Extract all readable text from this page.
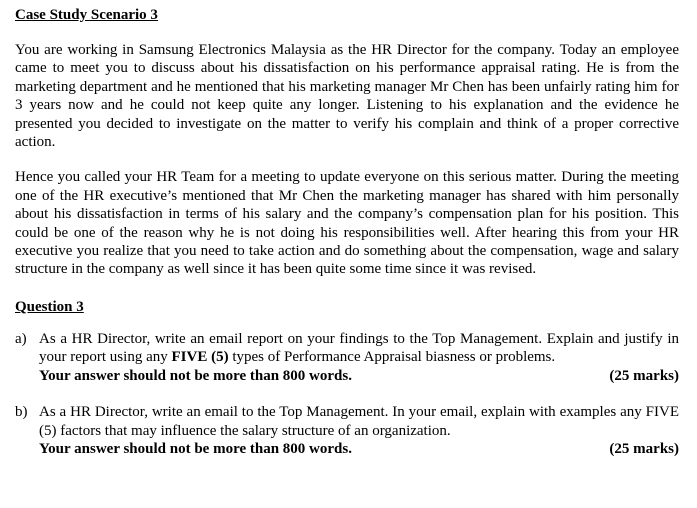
Case Study Scenario 3

You are working in Samsung Electronics Malaysia as the HR Director for the company. Today an employee came to meet you to discuss about his dissatisfaction on his performance appraisal rating. He is from the marketing department and he mentioned that his marketing manager Mr Chen has been unfairly rating him for 3 years now and he could not keep quite any longer. Listening to his explanation and the evidence he presented you decided to investigate on the matter to verify his complain and think of a proper corrective action.

Hence you called your HR Team for a meeting to update everyone on this serious matter. During the meeting one of the HR executive’s mentioned that Mr Chen the marketing manager has shared with him personally about his dissatisfaction in terms of his salary and the company’s compensation plan for his position. This could be one of the reason why he is not doing his responsibilities well. After hearing this from your HR executive you realize that you need to take action and do something about the compensation, wage and salary structure in the company as well since it has been quite some time since it was revised.

Question 3
a) As a HR Director, write an email report on your findings to the Top Management. Explain and justify in your report using any FIVE (5) types of Performance Appraisal biasness or problems.

Your answer should not be more than 800 words.	(25 marks)
b) As a HR Director, write an email to the Top Management. In your email, explain with examples any FIVE (5) factors that may influence the salary structure of an organization.

Your answer should not be more than 800 words.	(25 marks)
